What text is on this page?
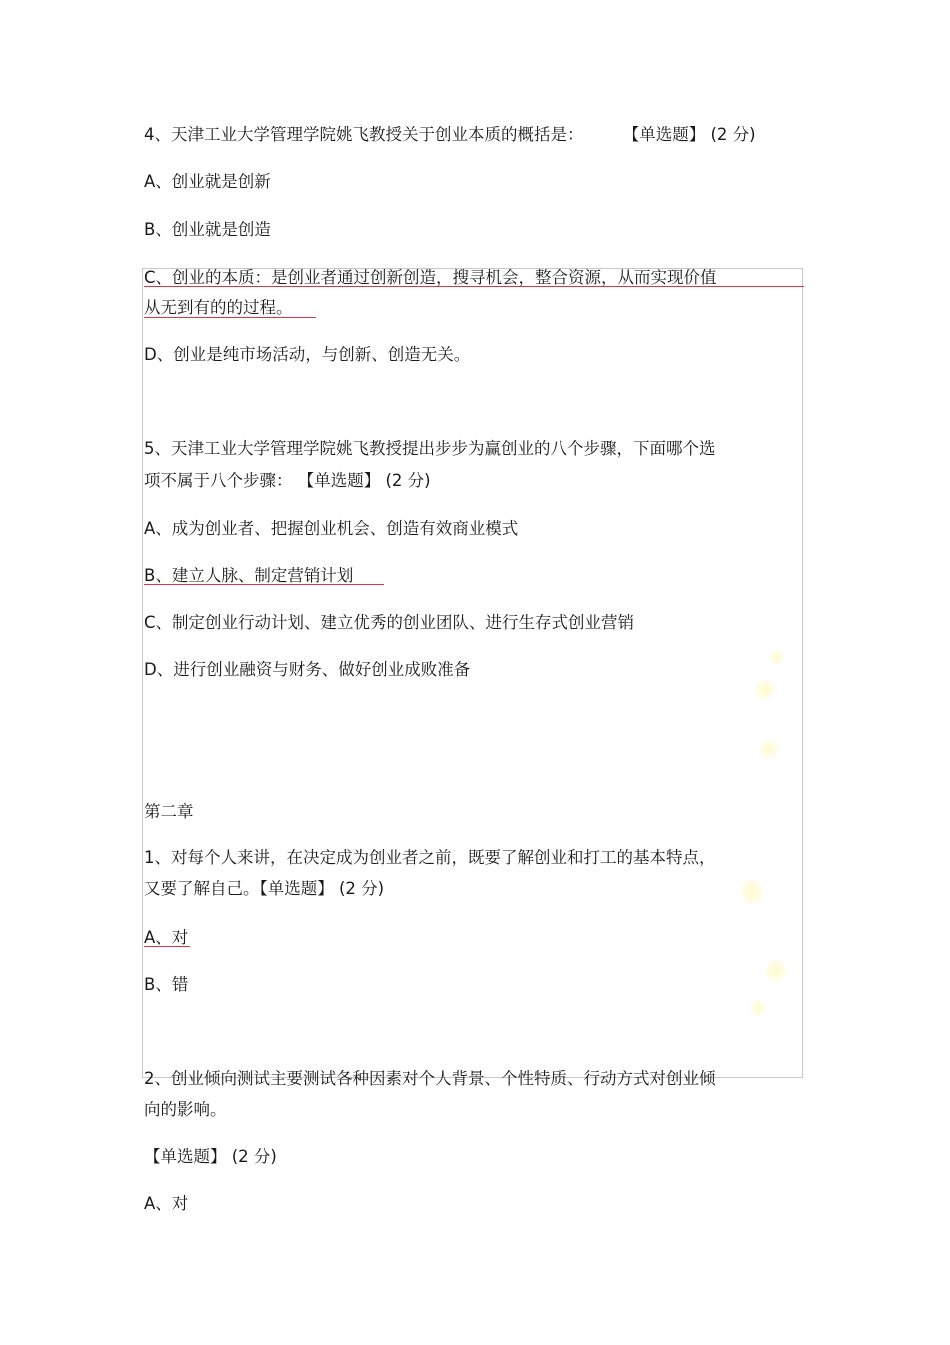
4、天津工业大学管理学院姚飞教授关于创业本质的概括是： 【单选题】 (2 分)
A、创业就是创新
B、创业就是创造
C、创业的本质：是创业者通过创新创造，搜寻机会，整合资源，从而实现价值
从无到有的的过程。
D、创业是纯市场活动，与创新、创造无关。
5、天津工业大学管理学院姚飞教授提出步步为赢创业的八个步骤，下面哪个选
项不属于八个步骤： 【单选题】 (2 分)
A、成为创业者、把握创业机会、创造有效商业模式
B、建立人脉、制定营销计划
C、制定创业行动计划、建立优秀的创业团队、进行生存式创业营销
D、进行创业融资与财务、做好创业成败准备
第二章
1、对每个人来讲，在决定成为创业者之前，既要了解创业和打工的基本特点，
又要了解自己。【单选题】 (2 分)
A、对
B、错
2、创业倾向测试主要测试各种因素对个人背景、个性特质、行动方式对创业倾
向的影响。
【单选题】 (2 分)
A、对
